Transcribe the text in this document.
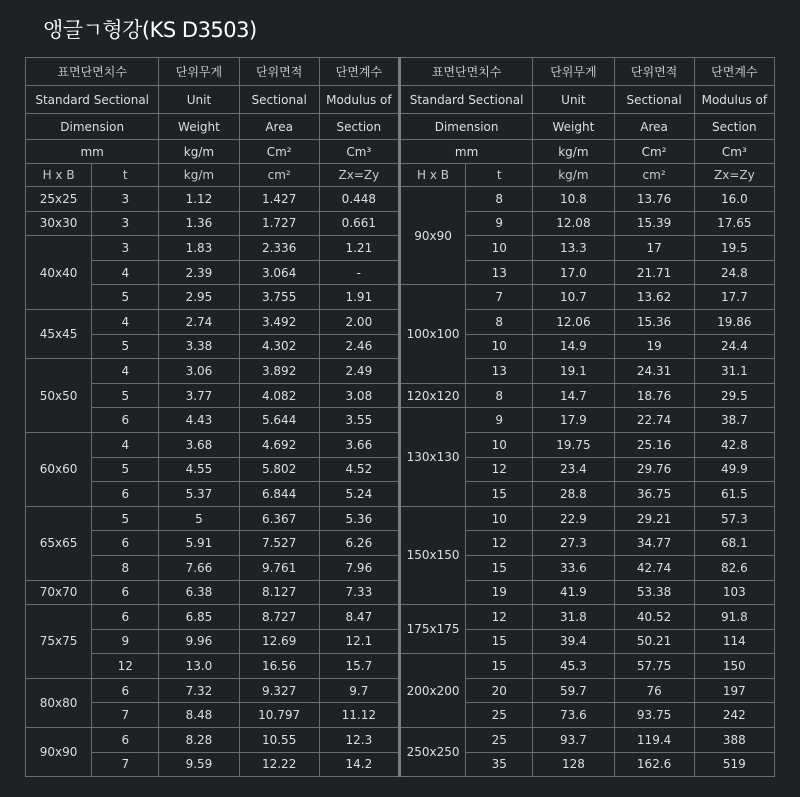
앵글ㄱ형강(KS D3503)
표면단면치수		단위무게	단위면적	단면계수	표면단면치수		단위무게	단위면적	단면계수
Standard Sectional		Unit	Sectional	Modulus of	Standard Sectional		Unit	Sectional	Modulus of
Dimension		Weight	Area	Section	Dimension		Weight	Area	Section
mm		kg/m	Cm²	Cm³	mm		kg/m	Cm²	Cm³
H x B	t	kg/m	cm²	Zx=Zy	H x B	t	kg/m	cm²	Zx=Zy
25x25	3	1.12	1.427	0.448	90x90	8	10.8	13.76	16.0
30x30	3	1.36	1.727	0.661		9	12.08	15.39	17.65
40x40	3	1.83	2.336	1.21		10	13.3	17	19.5
	4	2.39	3.064	-		13	17.0	21.71	24.8
	5	2.95	3.755	1.91	100x100	7	10.7	13.62	17.7
45x45	4	2.74	3.492	2.00		8	12.06	15.36	19.86
	5	3.38	4.302	2.46		10	14.9	19	24.4
50x50	4	3.06	3.892	2.49		13	19.1	24.31	31.1
	5	3.77	4.082	3.08	120x120	8	14.7	18.76	29.5
	6	4.43	5.644	3.55	130x130	9	17.9	22.74	38.7
60x60	4	3.68	4.692	3.66		10	19.75	25.16	42.8
	5	4.55	5.802	4.52		12	23.4	29.76	49.9
	6	5.37	6.844	5.24		15	28.8	36.75	61.5
65x65	5	5	6.367	5.36	150x150	10	22.9	29.21	57.3
	6	5.91	7.527	6.26		12	27.3	34.77	68.1
	8	7.66	9.761	7.96		15	33.6	42.74	82.6
70x70	6	6.38	8.127	7.33		19	41.9	53.38	103
75x75	6	6.85	8.727	8.47	175x175	12	31.8	40.52	91.8
	9	9.96	12.69	12.1		15	39.4	50.21	114
	12	13.0	16.56	15.7	200x200	15	45.3	57.75	150
80x80	6	7.32	9.327	9.7		20	59.7	76	197
	7	8.48	10.797	11.12		25	73.6	93.75	242
90x90	6	8.28	10.55	12.3	250x250	25	93.7	119.4	388
	7	9.59	12.22	14.2		35	128	162.6	519
